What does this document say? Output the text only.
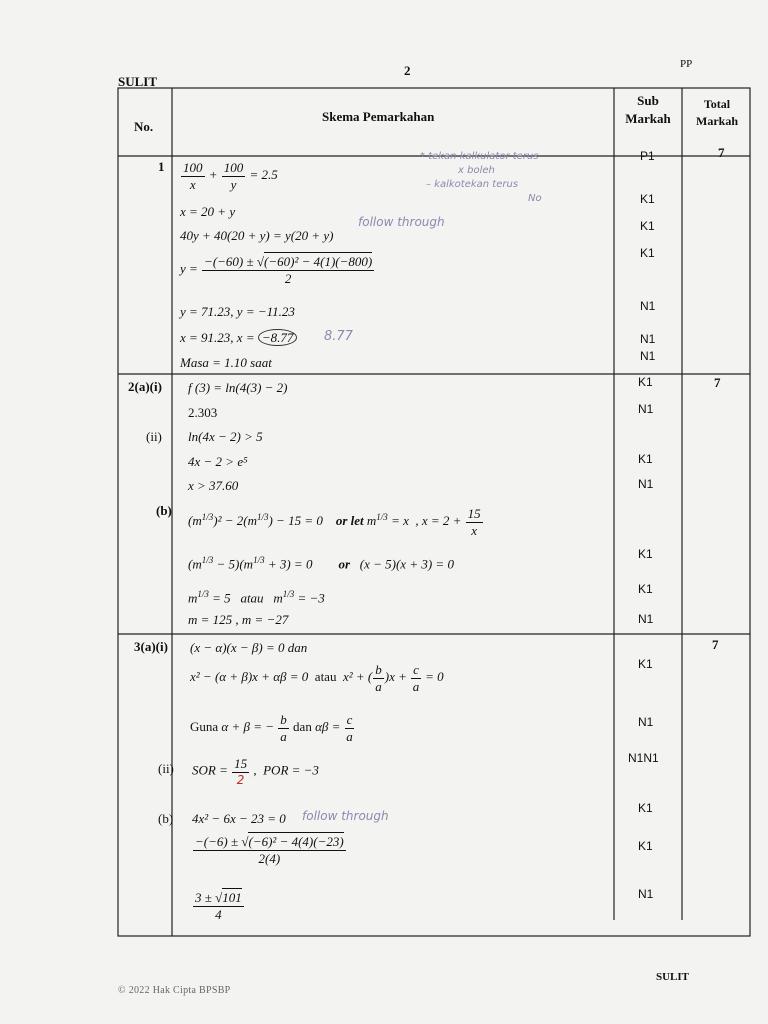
SULIT
2	PP
SULIT
© 2022 Hak Cipta BPSBP
No.
Skema Pemarkahan
Sub Markah
Total Markah
1
7
$\frac{100}{x} + \frac{100}{y} = 2.5$
x = 20 + y
40y + 40(20 + y) = y(20 + y)
$y = \frac{\text{−(−60) ± √(−60)² − 4(1)(−800)}}{2}$
y = 71.23, y = −11.23
x = 91.23, x = −8.77
Masa = 1.10 saat
* tekan kalkulator terus
x boleh
– kalkotekan terus
No
follow through
8.77
P1
K1
K1
K1
N1
N1
N1
2(a)(i)
(ii)
(b)
7
f (3) = ln(4(3) − 2)
2.303
ln(4x − 2) > 5
4x − 2 > e⁵
x > 37.60
$(m^{1/3})^2 - 2(m^{1/3}) - 15 = 0$    or let $m^{1/3} = x$  , $x = 2 + \frac{15}{x}$
$(m^{1/3} - 5)(m^{1/3} + 3) = 0$        or   (x − 5)(x + 3) = 0
$m^{1/3} = 5$   atau   $m^{1/3} = -3$
m = 125 , m = −27
K1
N1
K1
N1
K1
K1
N1
3(a)(i)
(ii)
(b)
7
(x − α)(x − β) = 0 dan
x² − (α + β)x + αβ = 0  atau  x² + ( $\frac{b}{a} )x + \frac{c}{a} = 0$
Guna α + β = − $\frac{b}{a}$ dan $\alpha\beta = \frac{c}{a}$
SOR = $\frac{15}{2}$ ,  POR = −3
4x² − 6x − 23 = 0 follow through
$\frac{\text{−(−6) ± √(−6)² − 4(4)(−23)}}{2(4)}$
$\frac{3 \pm √101}{4}$
K1
N1
N1N1
K1
K1
N1
